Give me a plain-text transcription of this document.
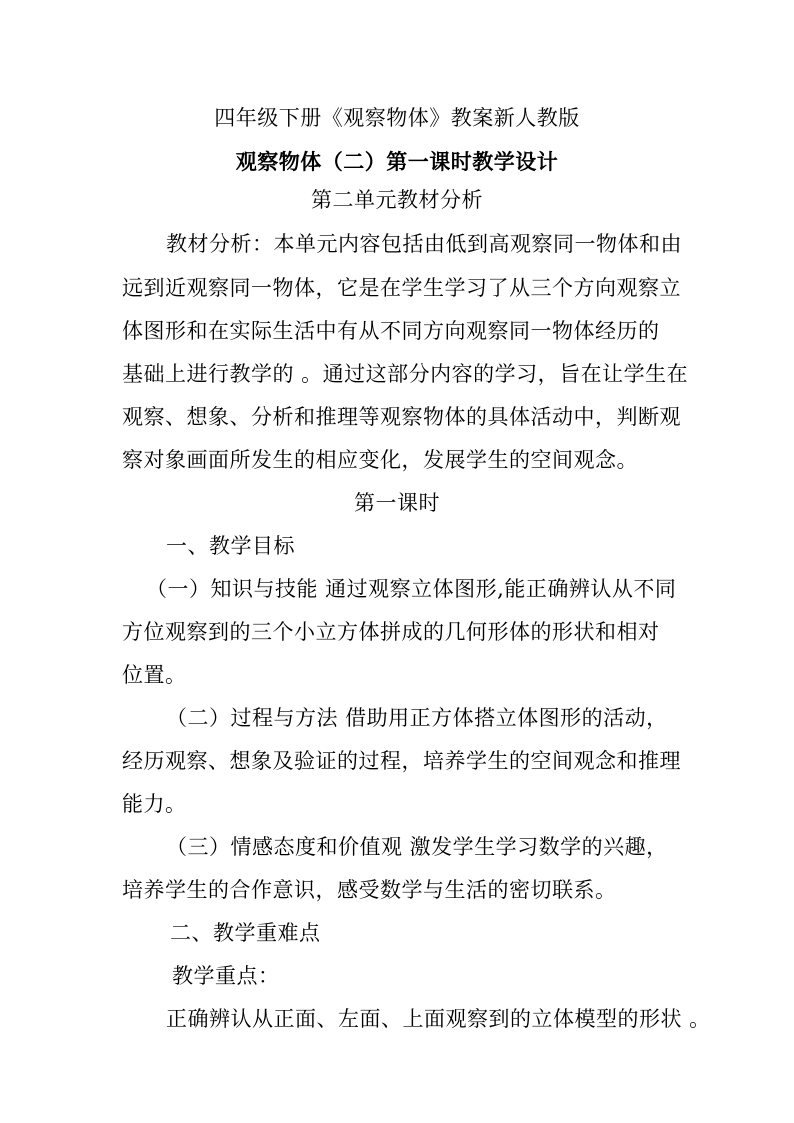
四年级下册《观察物体》教案新人教版
观察物体（二）第一课时教学设计
第二单元教材分析
教材分析：本单元内容包括由低到高观察同一物体和由
远到近观察同一物体，它是在学生学习了从三个方向观察立
体图形和在实际生活中有从不同方向观察同一物体经历的
基础上进行教学的 。通过这部分内容的学习，旨在让学生在
观察、想象、分析和推理等观察物体的具体活动中，判断观
察对象画面所发生的相应变化，发展学生的空间观念。
第一课时
一、教学目标
（一）知识与技能 通过观察立体图形,能正确辨认从不同
方位观察到的三个小立方体拼成的几何形体的形状和相对
位置。
（二）过程与方法 借助用正方体搭立体图形的活动，
经历观察、想象及验证的过程，培养学生的空间观念和推理
能力。
（三）情感态度和价值观 激发学生学习数学的兴趣，
培养学生的合作意识，感受数学与生活的密切联系。
二、教学重难点
教学重点：
正确辨认从正面、左面、上面观察到的立体模型的形状 。
